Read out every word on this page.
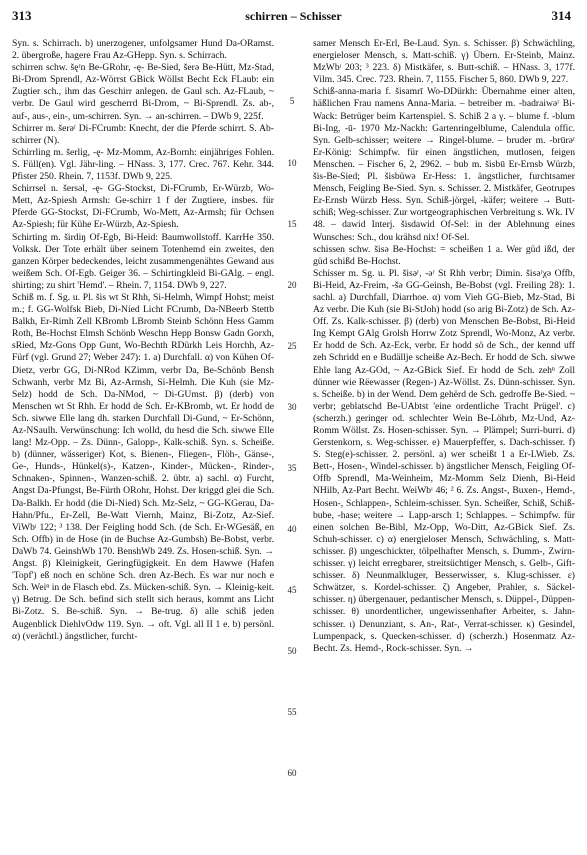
313	schirren – Schisser	314

Syn. s. Schirrach. b) unerzogener, unfolgsamer Hund Da-ORamst. 2. übergroße, hagere Frau Az-GHepp. Syn. s. Schirrach.

schirren schw. šęʳn Be-GRohr, -ę- Be-Sied, šerə Be-Hütt, Mz-Stad, Bi-Drom Sprendl, Az-Wörrst GBick Wöllst Becht Eck FLaub: ein Zugtier sch., ihm das Geschirr anlegen. de Gaul sch. Az-FLaub, ~ verbr. De Gaul wird gescherrd Bi-Drom, ~ Bi-Sprendl. Zs. ab-, auf-, aus-, ein-, um-schirren. Syn. → an-schirren. – DWb 9, 225f.

Schirrer m. šerəʳ Di-FCrumb: Knecht, der die Pferde schirrt. S. Ab-schirrer (N).

Schirrling m. šerlig, -ę- Mz-Momm, Az-Bornh: einjähriges Fohlen. S. Füll(en). Vgl. Jähr-ling. – HNass. 3, 177. Crec. 767. Kehr. 344. Pfister 250. Rhein. 7, 1153f. DWb 9, 225.

Schirrsel n. šersəl, -ę- GG-Stockst, Di-FCrumb, Er-Würzb, Wo-Mett, Az-Spiesh Armsh: Ge-schirr 1 f der Zugtiere, insbes. für Pferde GG-Stockst, Di-FCrumb, Wo-Mett, Az-Armsh; für Ochsen Az-Spiesh; für Kühe Er-Würzb, Az-Spiesh.

Schirting m. širdiŋ Of-Egb, Bi-Heid: Baumwollstoff. KarrHe 350. Volksk. Der Tote erhält über seinem Totenhemd ein zweites, den ganzen Körper bedeckendes, leicht zusammengenähtes Gewand aus weißem Sch. Of-Egb. Geiger 36. – Schirtingkleid Bi-GAlg. – engl. shirting; zu shirt 'Hemd'. – Rhein. 7, 1154. DWb 9, 227.

Schiß m. f. Sg. u. Pl. šis wt St Rhh, Si-Helmh, Wimpf Hohst; meist m.; f. GG-Wolfsk Bieb, Di-Nied Licht FCrumb, Da-NBeerb Stettb Balkh, Er-Rimh Zell KBromb LBromb Steinb Schönn Hess Gamm Roth, Be-Hochst Elmsh Schönb Weschn Hepp Bonsw Gadn Gorxh, sRied, Mz-Gons Opp Gunt, Wo-Bechth RDürkh Leis Horchh, Az-Fürf (vgl. Grund 27; Weber 247): 1. a) Durchfall. α) von Kühen Of-Dietz, verbr GG, Di-NRod KZimm, verbr Da, Be-Schönb Bensh Schwanh, verbr Mz Bi, Az-Armsh, Si-Helmh. Die Kuh (sie Mz-Selz) hodd de Sch. Da-NMod, ~ Di-GUmst. β) (derb) von Menschen wt St Rhh. Er hodd de Sch. Er-KBromb, wt. Er hodd de Sch. siwwe Elle lang dh. starken Durchfall Di-Gund, ~ Er-Schönn, Az-NSaulh. Verwünschung: Ich wolld, du hesd die Sch. siwwe Elle lang! Mz-Opp. – Zs. Dünn-, Galopp-, Kalk-schiß. Syn. s. Scheiße. b) (dünner, wässeriger) Kot, s. Bienen-, Fliegen-, Flöh-, Gänse-, Ge-, Hunds-, Hünkel(s)-, Katzen-, Kinder-, Mücken-, Rinder-, Schnaken-, Spinnen-, Wanzen-schiß. 2. übtr. a) sachl. α) Furcht, Angst Da-Pfungst, Be-Fürth ORohr, Hohst. Der kriggd glei die Sch. Da-Balkh. Er hodd (die Di-Nied) Sch. Mz-Selz, ~ GG-KGerau, Da-Hahn/Pfu., Er-Zell, Be-Watt Viernh, Mainz, Bi-Zotz, Az-Sief. ViWbᶦ 122; ³ 138. Der Feigling hodd Sch. (de Sch. Er-WGesäß, en Sch. Offb) in de Hose (in de Buchse Az-Gumbsh) Be-Bobst, verbr. DaWb 74. GeinshWb 170. BenshWb 249. Zs. Hosen-schiß. Syn. → Angst. β) Kleinigkeit, Geringfügigkeit. En dem Hawwe (Hafen 'Topf') eß noch en schöne Sch. dren Az-Bech. Es war nur noch e Sch. Weiⁿ in de Flasch ebd. Zs. Mücken-schiß. Syn. → Kleinig-keit. γ) Betrug. De Sch. befind sich stellt sich heraus, kommt ans Licht Bi-Zotz. S. Be-schiß. Syn. → Be-trug. δ) alle schiß jeden Augenblick DiehlvOdw 119. Syn. → oft. Vgl. all II 1 e. b) persönl. α) (verächtl.) ängstlicher, furcht-

5
10
15
20
25
30
35
40
45
50
55
60

samer Mensch Er-Erl, Be-Laud. Syn. s. Schisser. β) Schwächling, energieloser Mensch, s. Matt-schiß. γ) Übern. Er-Steinb, Mainz. MzWbᶦ 203; ³ 223. δ) Mistkäfer, s. Butt-schiß. – HNass. 3, 177f. Vilm. 345. Crec. 723. Rhein. 7, 1155. Fischer 5, 860. DWb 9, 227.

Schiß-anna-maria f. šisamrī Wo-DDürkh: Übernahme einer alten, häßlichen Frau namens Anna-Maria. – betreiber m. -badraiwəʳ Bi-Wack: Betrüger beim Kartenspiel. S. Schiß 2 a γ. – blume f. -blum Bi-Ing, -ū- 1970 Mz-Nackh: Gartenringelblume, Calendula offic. Syn. Gelb-schisser; weitere → Ringel-blume. – bruder m. -brūrəʳ Er-König: Schimpfw. für einen ängstlichen, mutlosen, feigen Menschen. – Fischer 6, 2, 2962. – bub m. šisbū Er-Ernsb Würzb, šis-Be-Sied; Pl. šisbüwə Er-Hess: 1. ängstlicher, furchtsamer Mensch, Feigling Be-Sied. Syn. s. Schisser. 2. Mistkäfer, Geotrupes Er-Ernsb Würzb Hess. Syn. Schiß-jörgel, -käfer; weitere → Butt-schiß; Weg-schisser. Zur wortgeographischen Verbreitung s. Wk. IV 48. – dawid Interj. šisdawid Of-Sel: in der Ablehnung eines Wunsches: Sch., dou krähsd nix! Of-Sel.

schissen schw. šisə Be-Hochst: = scheißen 1 a. Wer güd ißd, der güd schißd Be-Hochst.

Schisser m. Sg. u. Pl. šisəʳ, -əʳ St Rhh verbr; Dimin. šisəʳχə Offb, Bi-Heid, Az-Freim, -šə GG-Geinsh, Be-Bobst (vgl. Freiling 28): 1. sachl. a) Durchfall, Diarrhoe. α) vom Vieh GG-Bieb, Mz-Stad, Bi Az verbr. Die Kuh (sie Bi-StJoh) hodd (so arig Bi-Zotz) de Sch. Az-Off. Zs. Kalk-schisser. β) (derb) von Menschen Be-Bobst, Bi-Heid Ing Kempt GAlg Grolsh Horrw Zotz Sprendl, Wo-Monz, Az verbr. Er hodd de Sch. Az-Eck, verbr. Er hodd sö de Sch., der kennd uff zeh Schridd en e Budällje scheiße Az-Bech. Er hodd de Sch. siwwe Ehle lang Az-GOd, ~ Az-GBick Sief. Er hodd de Sch. zehⁿ Zoll dünner wie Rëewasser (Regen-) Az-Wöllst. Zs. Dünn-schisser. Syn. s. Scheiße. b) in der Wend. Dem gehërd de Sch. gedroffe Be-Sied. ~ verbr; geblatschd Be-UAbtst 'eine ordentliche Tracht Prügel'. c) (scherzh.) geringer od. schlechter Wein Be-Löhrb, Mz-Und, Az-Romm Wöllst. Zs. Hosen-schisser. Syn. → Plämpel; Surri-burri. d) Gerstenkorn, s. Weg-schisser. e) Mauerpfeffer, s. Dach-schisser. f) S. Steg(e)-schisser. 2. persönl. a) wer scheißt 1 a Er-LWieb. Zs. Bett-, Hosen-, Windel-schisser. b) ängstlicher Mensch, Feigling Of-Offb Sprendl, Ma-Weinheim, Mz-Momm Selz Dienh, Bi-Heid NHilb, Az-Part Becht. WeiWbᶦ 46; ² 6. Zs. Angst-, Buxen-, Hemd-, Hosen-, Schlappen-, Schleim-schisser. Syn. Scheißer, Schiß, Schiß-bube, -hase; weitere → Lapp-arsch 1; Schlappes. – Schimpfw. für einen solchen Be-Bibl, Mz-Opp, Wo-Ditt, Az-GBick Sief. Zs. Schuh-schisser. c) α) energieloser Mensch, Schwächling, s. Matt-schisser. β) ungeschickter, tölpelhafter Mensch, s. Dumm-, Zwirn-schisser. γ) leicht erregbarer, streitsüchtiger Mensch, s. Gelb-, Gift-schisser. δ) Neunmalkluger, Besserwisser, s. Klug-schisser. ε) Schwätzer, s. Kordel-schisser. ζ) Angeber, Prahler, s. Säckel-schisser. η) übergenauer, pedantischer Mensch, s. Düppel-, Düppen-schisser. θ) unordentlicher, ungewissenhafter Arbeiter, s. Jahn-schisser. ι) Denunziant, s. An-, Rat-, Verrat-schisser. κ) Gesindel, Lumpenpack, s. Quecken-schisser. d) (scherzh.) Hosenmatz Az-Becht. Zs. Hemd-, Rock-schisser. Syn. →
